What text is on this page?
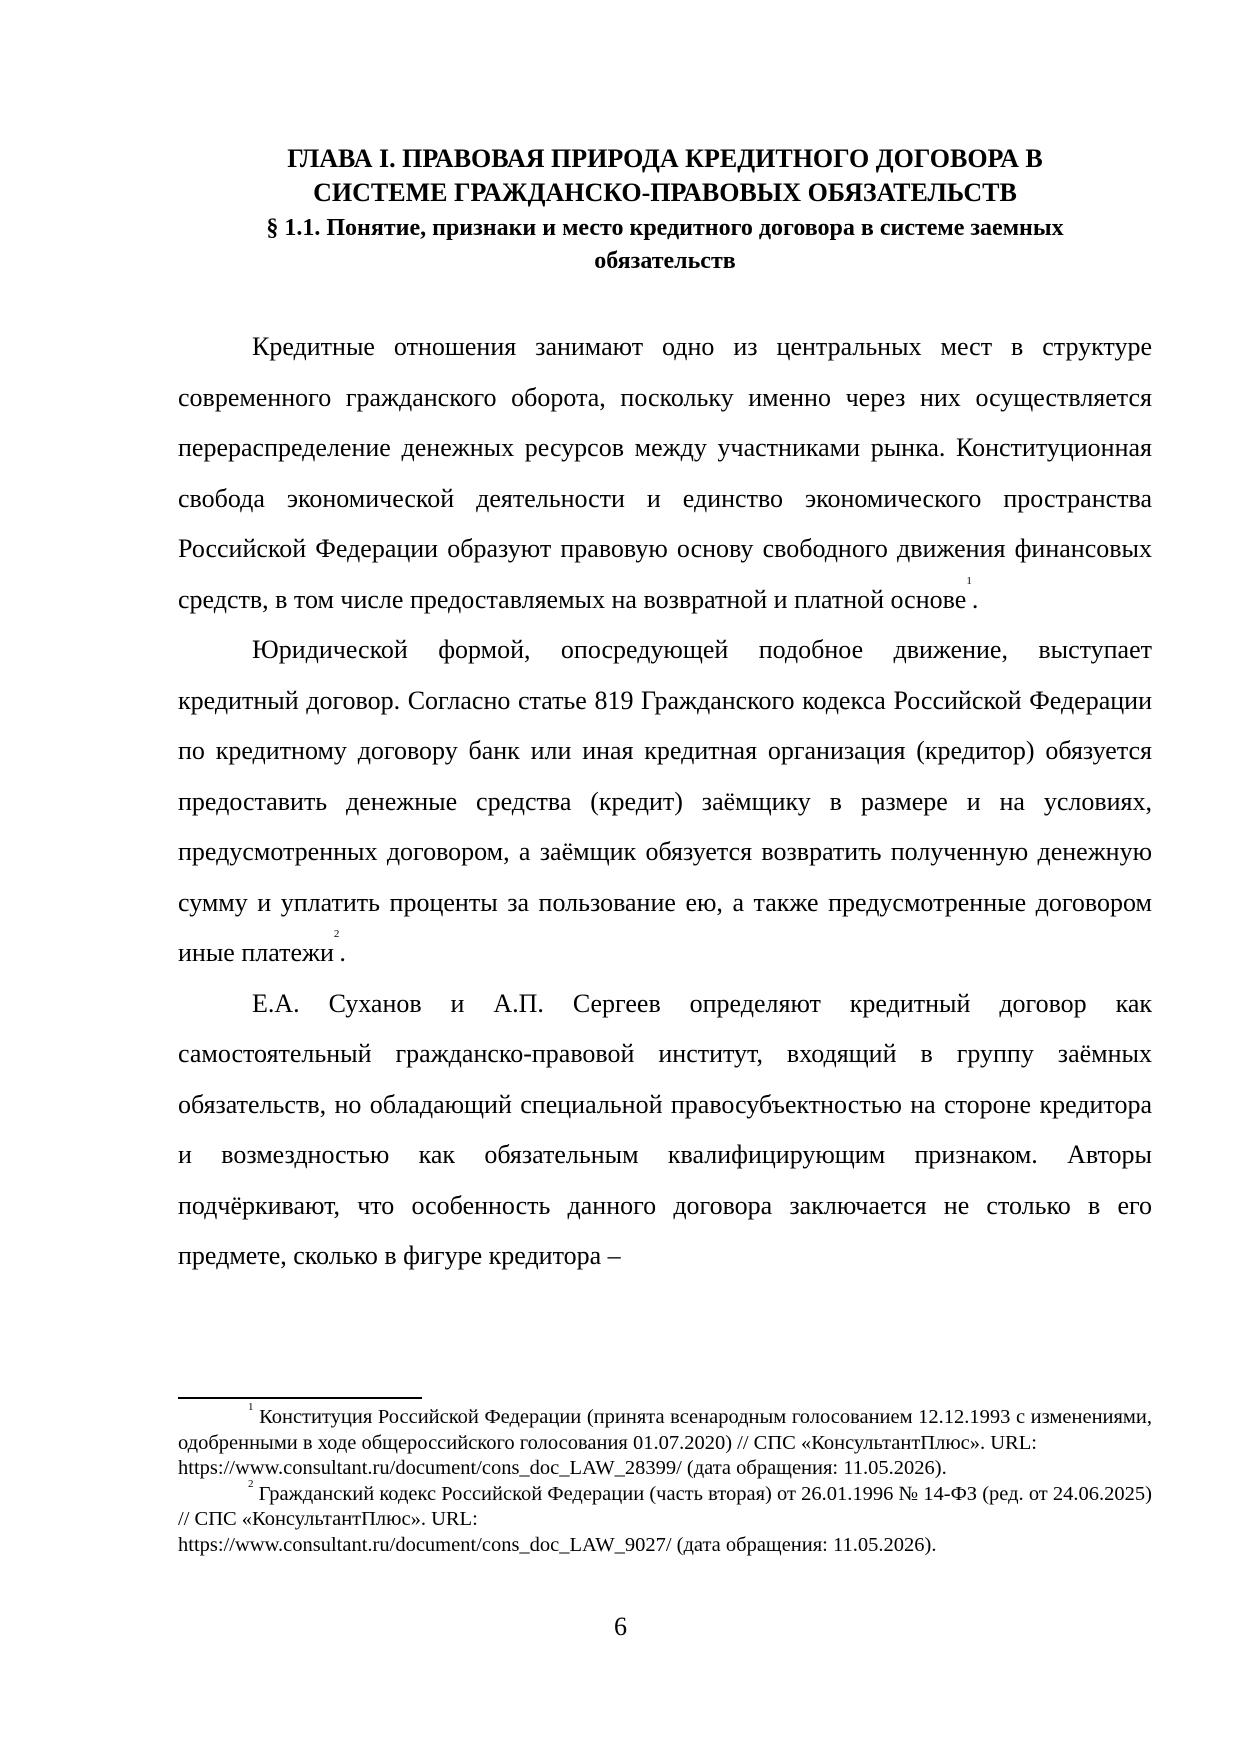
ГЛАВА I. ПРАВОВАЯ ПРИРОДА КРЕДИТНОГО ДОГОВОРА В
СИСТЕМЕ ГРАЖДАНСКО-ПРАВОВЫХ ОБЯЗАТЕЛЬСТВ
§ 1.1. Понятие, признаки и место кредитного договора в системе заемных
обязательств

Кредитные отношения занимают одно из центральных мест в структуре современного гражданского оборота, поскольку именно через них осуществляется перераспределение денежных ресурсов между участниками рынка. Конституционная свобода экономической деятельности и единство экономического пространства Российской Федерации образуют правовую основу свободного движения финансовых средств, в том числе предоставляемых на возвратной и платной основе$^1$.

Юридической формой, опосредующей подобное движение, выступает кредитный договор. Согласно статье 819 Гражданского кодекса Российской Федерации по кредитному договору банк или иная кредитная организация (кредитор) обязуется предоставить денежные средства (кредит) заёмщику в размере и на условиях, предусмотренных договором, а заёмщик обязуется возвратить полученную денежную сумму и уплатить проценты за пользование ею, а также предусмотренные договором иные платежи$^2$.

Е.А. Суханов и А.П. Сергеев определяют кредитный договор как самостоятельный гражданско-правовой институт, входящий в группу заёмных обязательств, но обладающий специальной правосубъектностью на стороне кредитора и возмездностью как обязательным квалифицирующим признаком. Авторы подчёркивают, что особенность данного договора заключается не столько в его предмете, сколько в фигуре кредитора –

$^1$ Конституция Российской Федерации (принята всенародным голосованием 12.12.1993 с изменениями, одобренными в ходе общероссийского голосования 01.07.2020) // СПС «КонсультантПлюс». URL:

https://www.consultant.ru/document/cons_doc_LAW_28399/ (дата обращения: 11.05.2026).

$^2$ Гражданский кодекс Российской Федерации (часть вторая) от 26.01.1996 № 14-ФЗ (ред. от 24.06.2025) // СПС «КонсультантПлюс». URL:

https://www.consultant.ru/document/cons_doc_LAW_9027/ (дата обращения: 11.05.2026).

6
